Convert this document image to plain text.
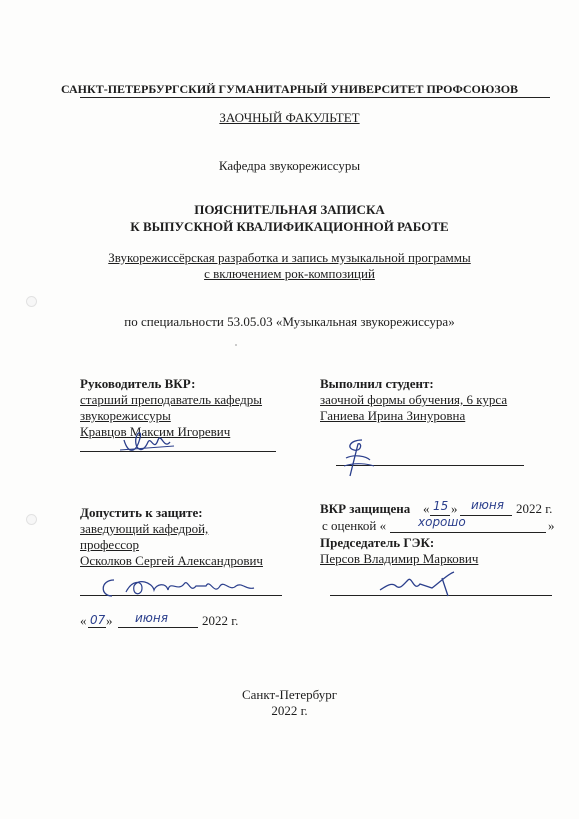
САНКТ-ПЕТЕРБУРГСКИЙ ГУМАНИТАРНЫЙ УНИВЕРСИТЕТ ПРОФСОЮЗОВ
ЗАОЧНЫЙ ФАКУЛЬТЕТ
Кафедра звукорежиссуры
ПОЯСНИТЕЛЬНАЯ ЗАПИСКА
К ВЫПУСКНОЙ КВАЛИФИКАЦИОННОЙ РАБОТЕ
Звукорежиссёрская разработка и запись музыкальной программы
с включением рок-композиций
по специальности 53.05.03 «Музыкальная звукорежиссура»
Руководитель ВКР:
старший преподаватель кафедры
звукорежиссуры
Кравцов Максим Игоревич
Выполнил студент:
заочной формы обучения, 6 курса
Ганиева Ирина Зинуровна
Допустить к защите:
заведующий кафедрой,
профессор
Осколков Сергей Александрович
« 07 » июня	2022 г.
ВКР защищена « 15 » июня 2022 г.
с оценкой «	хорошо	»
Председатель ГЭК:
Персов Владимир Маркович
Санкт-Петербург
2022 г.
